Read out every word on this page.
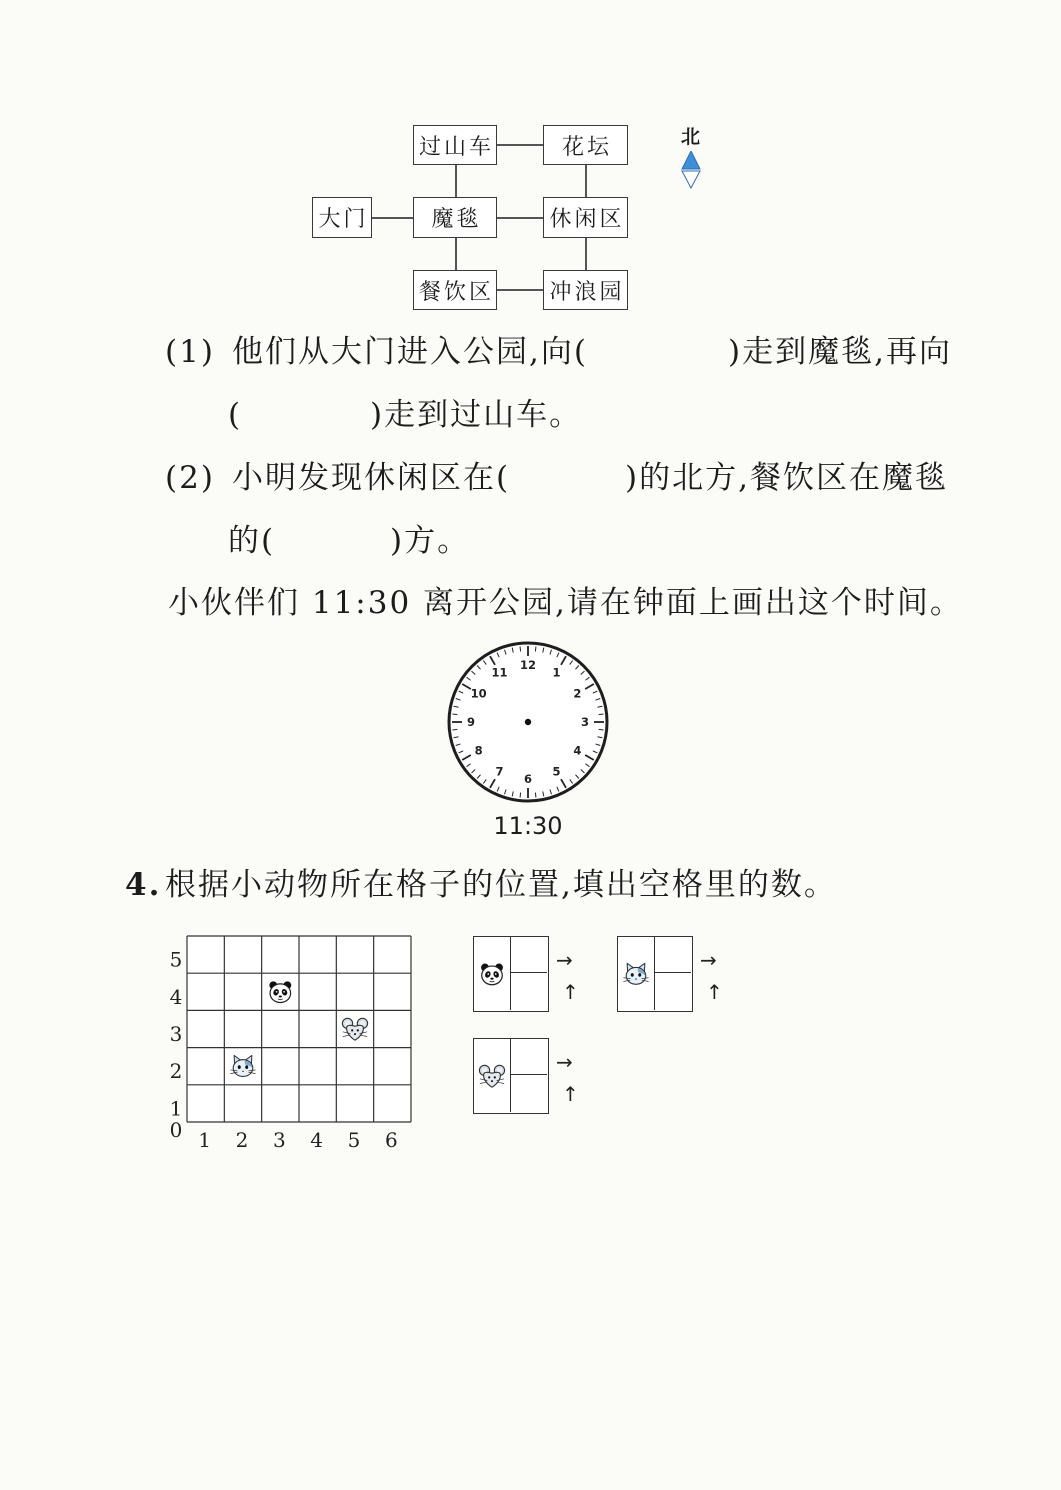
过山车	花坛
大门	魔毯	休闲区
餐饮区	冲浪园
北
(1) 他们从大门进入公园,向(	)走到魔毯,再向
(	)走到过山车。
(2) 小明发现休闲区在(	)的北方,餐饮区在魔毯
的(	)方。
小伙伴们 11:30 离开公园,请在钟面上画出这个时间。
12
1
2
3
4
5
6
7
8
9
10
11
11:30
4. 根据小动物所在格子的位置,填出空格里的数。
5
4
3
2
1
0 1 2 3 4 5 6
→
↑
→
↑
→
↑
